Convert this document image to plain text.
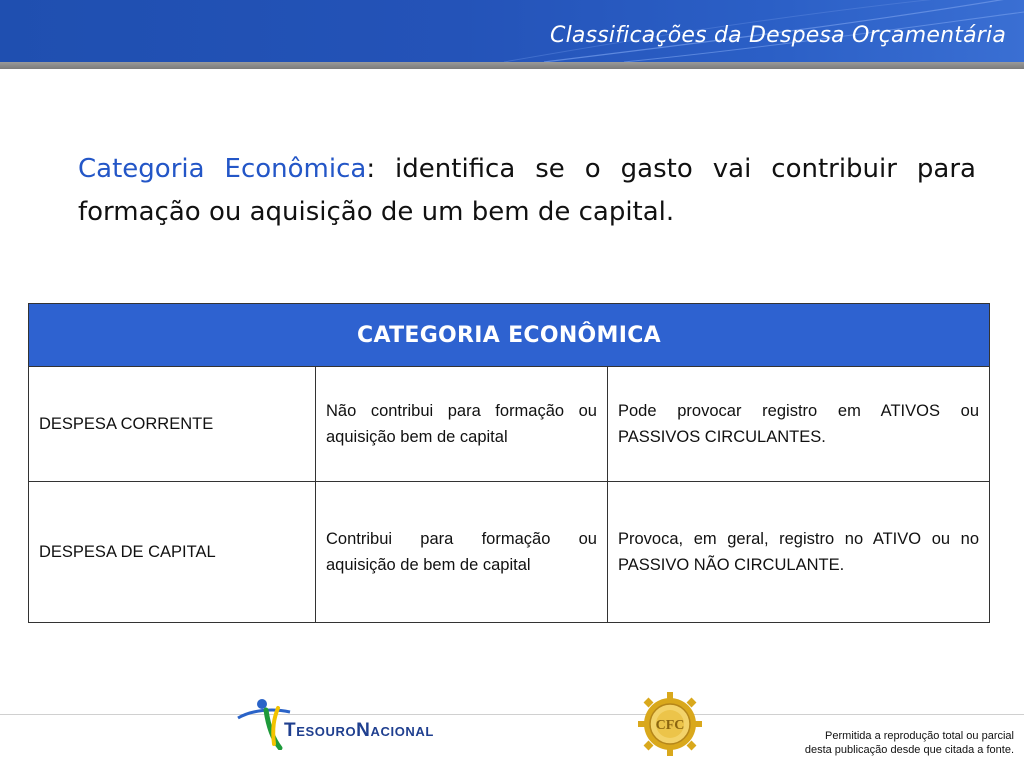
Classificações da Despesa Orçamentária

Categoria Econômica: identifica se o gasto vai contribuir para formação ou aquisição de um bem de capital.

CATEGORIA ECONÔMICA		
DESPESA CORRENTE	Não contribui para formação ou aquisição bem de capital	Pode provocar registro em ATIVOS ou PASSIVOS CIRCULANTES.
DESPESA DE CAPITAL	Contribui para formação ou aquisição de bem de capital	Provoca, em geral, registro no ATIVO ou no PASSIVO NÃO CIRCULANTE.
TESOURONACIONAL	CFC
Permitida a reprodução total ou parcial
desta publicação desde que citada a fonte.
